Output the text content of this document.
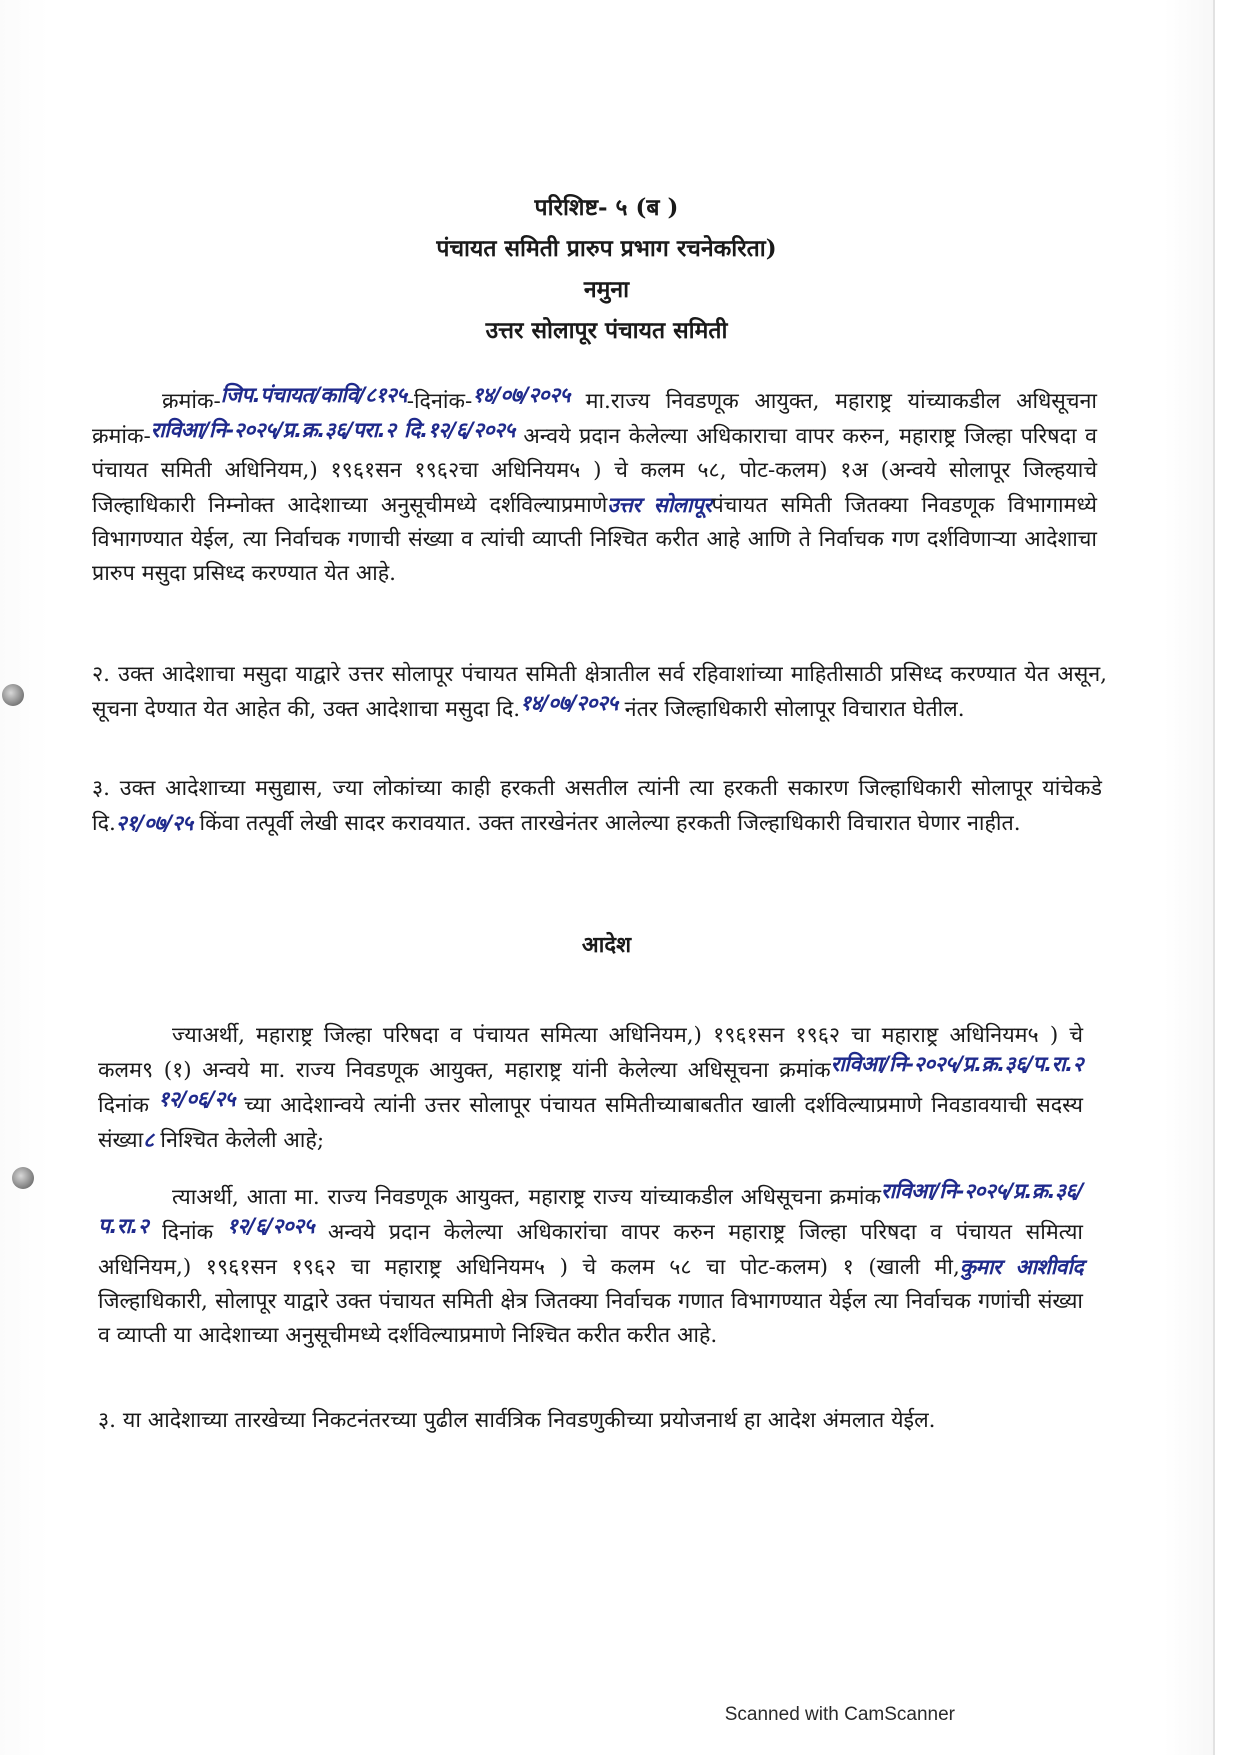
परिशिष्ट- ५ (ब )
पंचायत समिती प्रारुप प्रभाग रचनेकरिता)
नमुना
उत्तर सोलापूर पंचायत समिती
क्रमांक-जिप.पंचायत/कावि/८१२५-दिनांक-१४/०७/२०२५ मा.राज्य निवडणूक आयुक्त, महाराष्ट्र यांच्याकडील अधिसूचना क्रमांक-राविआ/नि-२०२५/प्र.क्र.३६/परा.२ दि.१२/६/२०२५ अन्वये प्रदान केलेल्या अधिकाराचा वापर करुन, महाराष्ट्र जिल्हा परिषदा व पंचायत समिती अधिनियम,) १९६१सन १९६२चा अधिनियम५ ) चे कलम ५८, पोट-कलम) १अ (अन्वये सोलापूर जिल्हयाचे जिल्हाधिकारी निम्नोक्त आदेशाच्या अनुसूचीमध्ये दर्शविल्याप्रमाणेउत्तर सोलापूरपंचायत समिती जितक्या निवडणूक विभागामध्ये विभागण्यात येईल, त्या निर्वाचक गणाची संख्या व त्यांची व्याप्ती निश्चित करीत आहे आणि ते निर्वाचक गण दर्शविणाऱ्या आदेशाचा प्रारुप मसुदा प्रसिध्द करण्यात येत आहे.
२. उक्त आदेशाचा मसुदा याद्वारे उत्तर सोलापूर पंचायत समिती क्षेत्रातील सर्व रहिवाशांच्या माहितीसाठी प्रसिध्द करण्यात येत असून, सूचना देण्यात येत आहेत की, उक्त आदेशाचा मसुदा दि.१४/०७/२०२५ नंतर जिल्हाधिकारी सोलापूर विचारात घेतील.
३. उक्त आदेशाच्या मसुद्यास, ज्या लोकांच्या काही हरकती असतील त्यांनी त्या हरकती सकारण जिल्हाधिकारी सोलापूर यांचेकडे दि.२१/०७/२५ किंवा तत्पूर्वी लेखी सादर करावयात. उक्त तारखेनंतर आलेल्या हरकती जिल्हाधिकारी विचारात घेणार नाहीत.
आदेश
ज्याअर्थी, महाराष्ट्र जिल्हा परिषदा व पंचायत समित्या अधिनियम,) १९६१सन १९६२ चा महाराष्ट्र अधिनियम५ ) चे कलम९ (१) अन्वये मा. राज्य निवडणूक आयुक्त, महाराष्ट्र यांनी केलेल्या अधिसूचना क्रमांकराविआ/नि-२०२५/प्र.क्र.३६/प.रा.२ दिनांक १२/०६/२५ च्या आदेशान्वये त्यांनी उत्तर सोलापूर पंचायत समितीच्याबाबतीत खाली दर्शविल्याप्रमाणे निवडावयाची सदस्य संख्या८ निश्चित केलेली आहे;
त्याअर्थी, आता मा. राज्य निवडणूक आयुक्त, महाराष्ट्र राज्य यांच्याकडील अधिसूचना क्रमांकराविआ/नि-२०२५/प्र.क्र.३६/प.रा.२ दिनांक १२/६/२०२५ अन्वये प्रदान केलेल्या अधिकारांचा वापर करुन महाराष्ट्र जिल्हा परिषदा व पंचायत समित्या अधिनियम,) १९६१सन १९६२ चा महाराष्ट्र अधिनियम५ ) चे कलम ५८ चा पोट-कलम) १ (खाली मी,कुमार आशीर्वाद जिल्हाधिकारी, सोलापूर याद्वारे उक्त पंचायत समिती क्षेत्र जितक्या निर्वाचक गणात विभागण्यात येईल त्या निर्वाचक गणांची संख्या व व्याप्ती या आदेशाच्या अनुसूचीमध्ये दर्शविल्याप्रमाणे निश्चित करीत करीत आहे.
३. या आदेशाच्या तारखेच्या निकटनंतरच्या पुढील सार्वत्रिक निवडणुकीच्या प्रयोजनार्थ हा आदेश अंमलात येईल.
Scanned with CamScanner
